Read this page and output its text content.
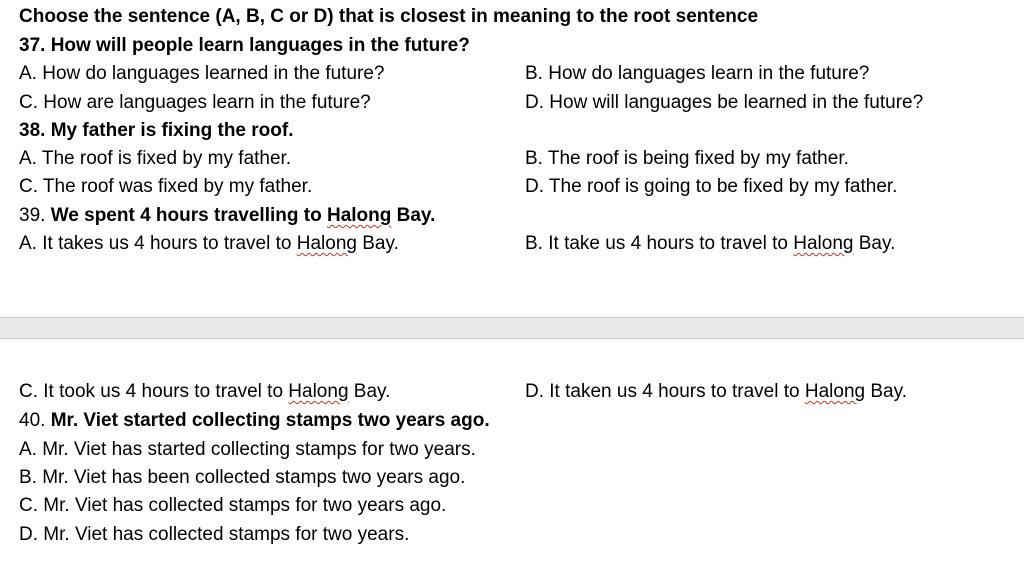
Choose the sentence (A, B, C or D) that is closest in meaning to the root sentence
37. How will people learn languages in the future?
A. How do languages learned in the future?	B. How do languages learn in the future?
C. How are languages learn in the future?	D. How will languages be learned in the future?
38. My father is fixing the roof.
A. The roof is fixed by my father.	B. The roof is being fixed by my father.
C. The roof was fixed by my father.	D. The roof is going to be fixed by my father.
39. We spent 4 hours travelling to Halong Bay.
A. It takes us 4 hours to travel to Halong Bay.	B. It take us 4 hours to travel to Halong Bay.
C. It took us 4 hours to travel to Halong Bay.	D. It taken us 4 hours to travel to Halong Bay.
40. Mr. Viet started collecting stamps two years ago.
A. Mr. Viet has started collecting stamps for two years.
B. Mr. Viet has been collected stamps two years ago.
C. Mr. Viet has collected stamps for two years ago.
D. Mr. Viet has collected stamps for two years.
